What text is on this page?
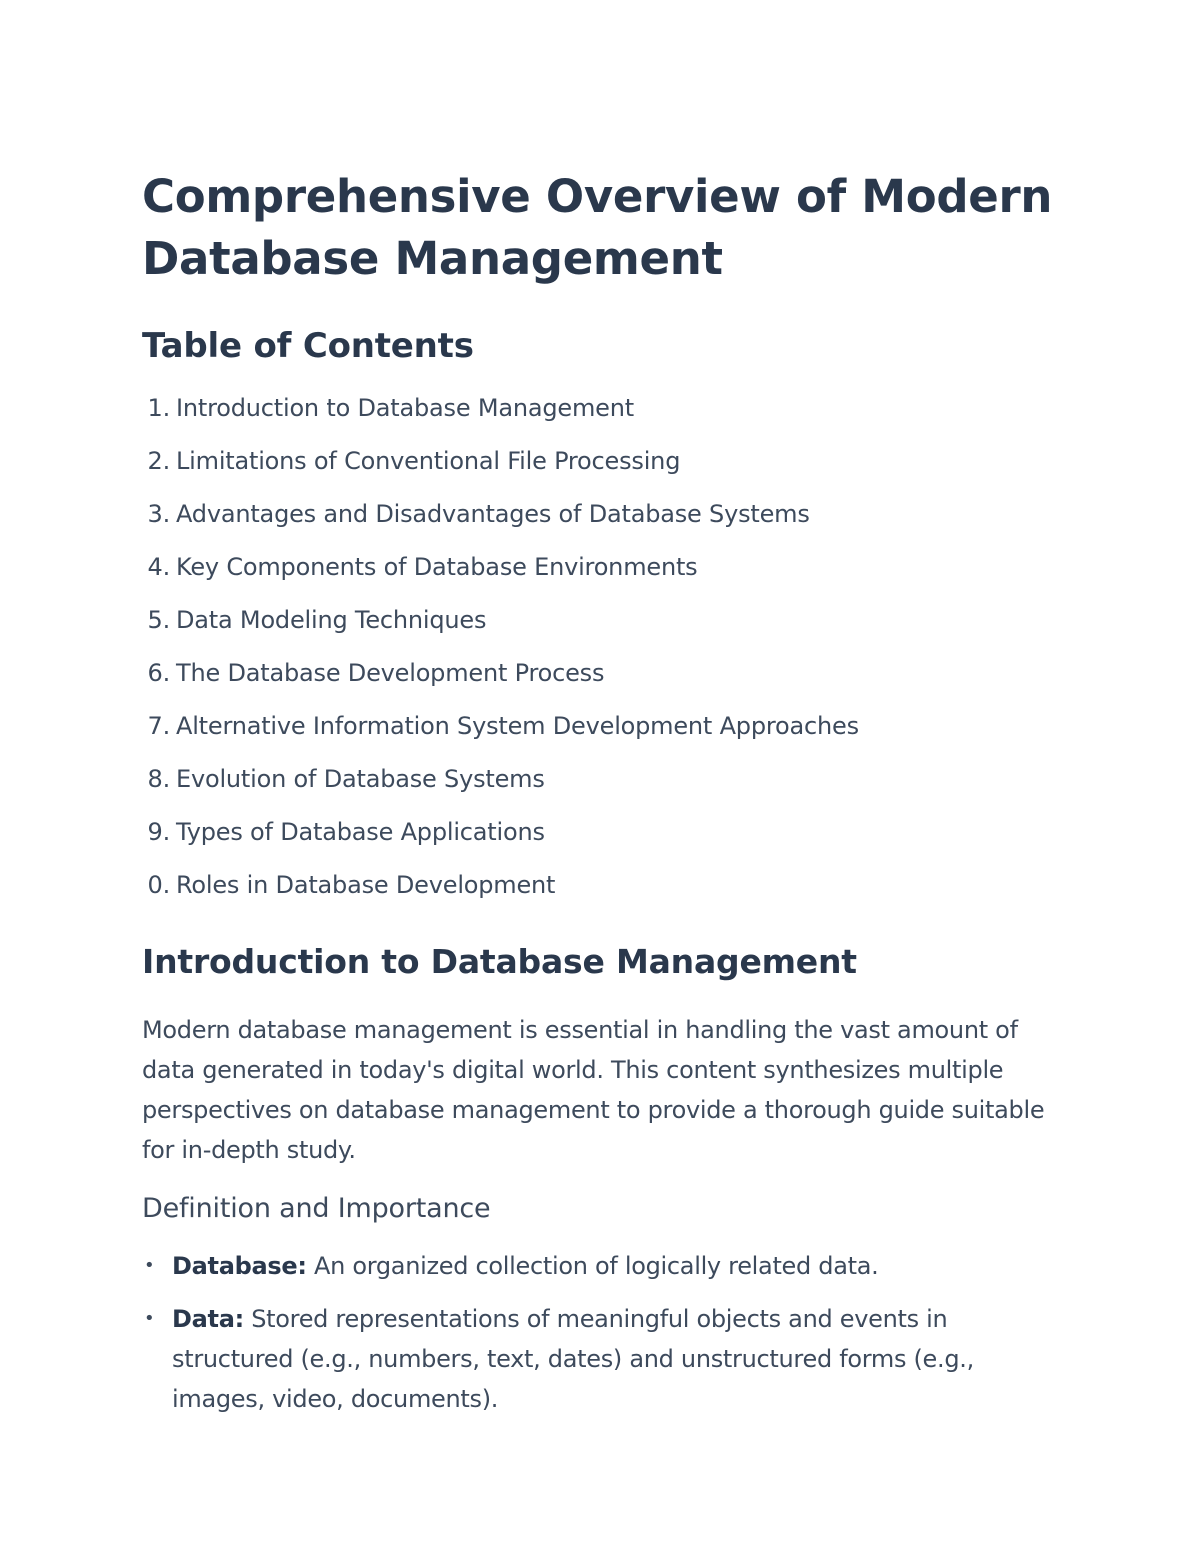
Comprehensive Overview of Modern Database Management
Table of Contents
1. Introduction to Database Management
2. Limitations of Conventional File Processing
3. Advantages and Disadvantages of Database Systems
4. Key Components of Database Environments
5. Data Modeling Techniques
6. The Database Development Process
7. Alternative Information System Development Approaches
8. Evolution of Database Systems
9. Types of Database Applications
0. Roles in Database Development
Introduction to Database Management

Modern database management is essential in handling the vast amount of data generated in today's digital world. This content synthesizes multiple perspectives on database management to provide a thorough guide suitable for in-depth study.

Definition and Importance
• Database: An organized collection of logically related data.
• Data: Stored representations of meaningful objects and events in structured (e.g., numbers, text, dates) and unstructured forms (e.g., images, video, documents).
